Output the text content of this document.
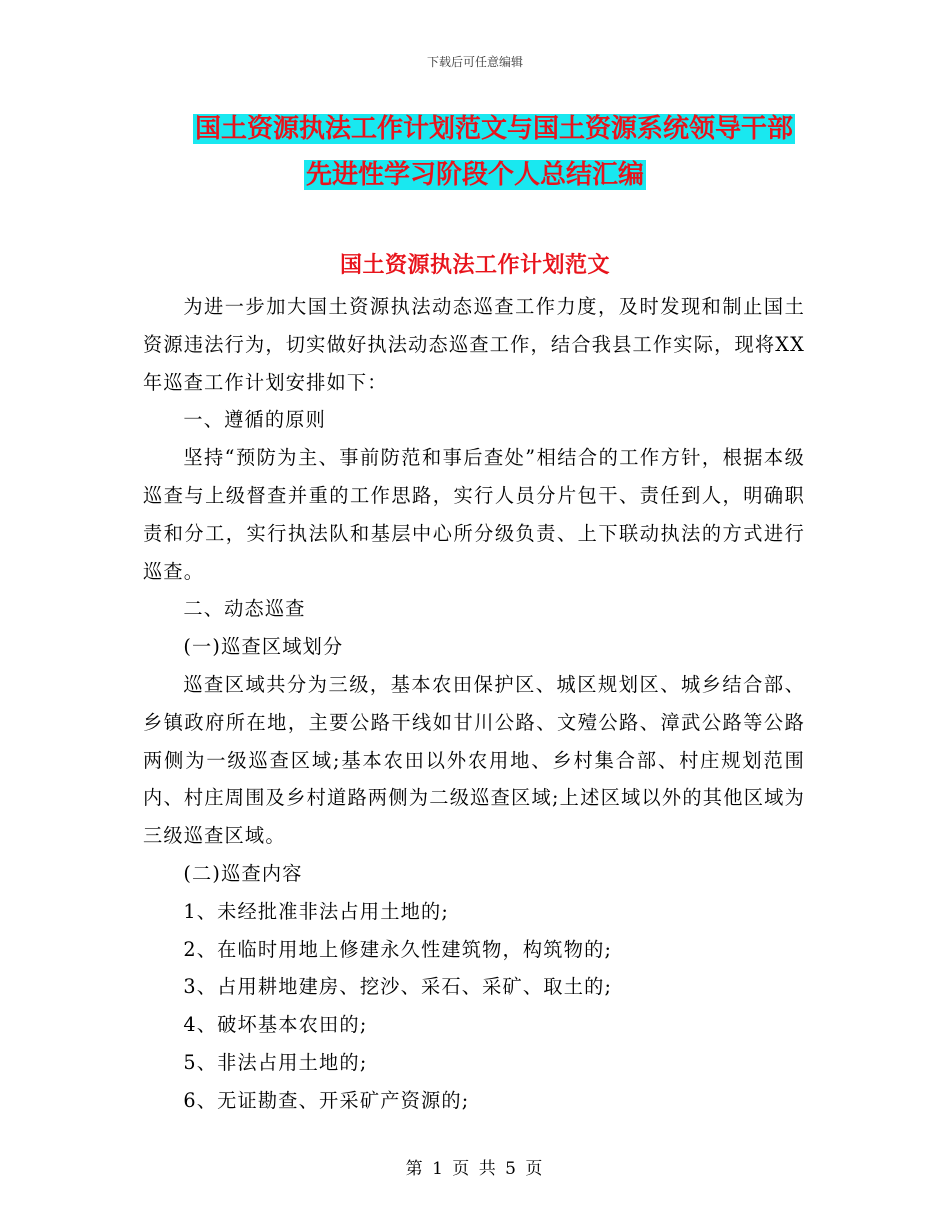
下载后可任意编辑
国土资源执法工作计划范文与国土资源系统领导干部
先进性学习阶段个人总结汇编
国土资源执法工作计划范文

为进一步加大国土资源执法动态巡查工作力度，及时发现和制止国土资源违法行为，切实做好执法动态巡查工作，结合我县工作实际，现将XX年巡查工作计划安排如下：

一、遵循的原则

坚持“预防为主、事前防范和事后查处”相结合的工作方针，根据本级巡查与上级督查并重的工作思路，实行人员分片包干、责任到人，明确职责和分工，实行执法队和基层中心所分级负责、上下联动执法的方式进行巡查。

二、动态巡查

(一)巡查区域划分

巡查区域共分为三级，基本农田保护区、城区规划区、城乡结合部、乡镇政府所在地，主要公路干线如甘川公路、文殪公路、漳武公路等公路两侧为一级巡查区域;基本农田以外农用地、乡村集合部、村庄规划范围内、村庄周围及乡村道路两侧为二级巡查区域;上述区域以外的其他区域为三级巡查区域。

(二)巡查内容

1、未经批准非法占用土地的;

2、在临时用地上修建永久性建筑物，构筑物的;

3、占用耕地建房、挖沙、采石、采矿、取土的;

4、破坏基本农田的;

5、非法占用土地的;

6、无证勘查、开采矿产资源的;

第 1 页 共 5 页
